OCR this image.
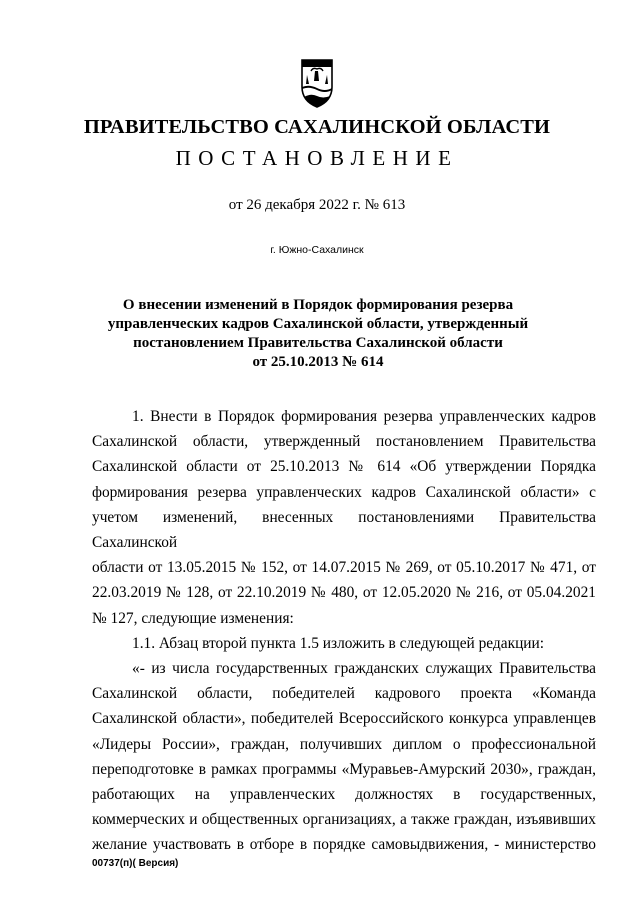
ПРАВИТЕЛЬСТВО САХАЛИНСКОЙ ОБЛАСТИ
ПОСТАНОВЛЕНИЕ
от 26 декабря 2022 г. № 613
г. Южно-Сахалинск
О внесении изменений в Порядок формирования резерва
управленческих кадров Сахалинской области, утвержденный
постановлением Правительства Сахалинской области
от 25.10.2013 № 614
1. Внести в Порядок формирования резерва управленческих кадров
Сахалинской области, утвержденный постановлением Правительства
Сахалинской области от 25.10.2013 № 614 «Об утверждении Порядка
формирования резерва управленческих кадров Сахалинской области» с
учетом изменений, внесенных постановлениями Правительства Сахалинской
области от 13.05.2015 № 152, от 14.07.2015 № 269, от 05.10.2017 № 471, от
22.03.2019 № 128, от 22.10.2019 № 480, от 12.05.2020 № 216, от 05.04.2021
№ 127, следующие изменения:
1.1. Абзац второй пункта 1.5 изложить в следующей редакции:
«- из числа государственных гражданских служащих Правительства
Сахалинской области, победителей кадрового проекта «Команда
Сахалинской области», победителей Всероссийского конкурса управленцев
«Лидеры России», граждан, получивших диплом о профессиональной
переподготовке в рамках программы «Муравьев-Амурский 2030», граждан,
работающих на управленческих должностях в государственных,
коммерческих и общественных организациях, а также граждан, изъявивших
желание участвовать в отборе в порядке самовыдвижения, - министерство
00737(п)( Версия)
